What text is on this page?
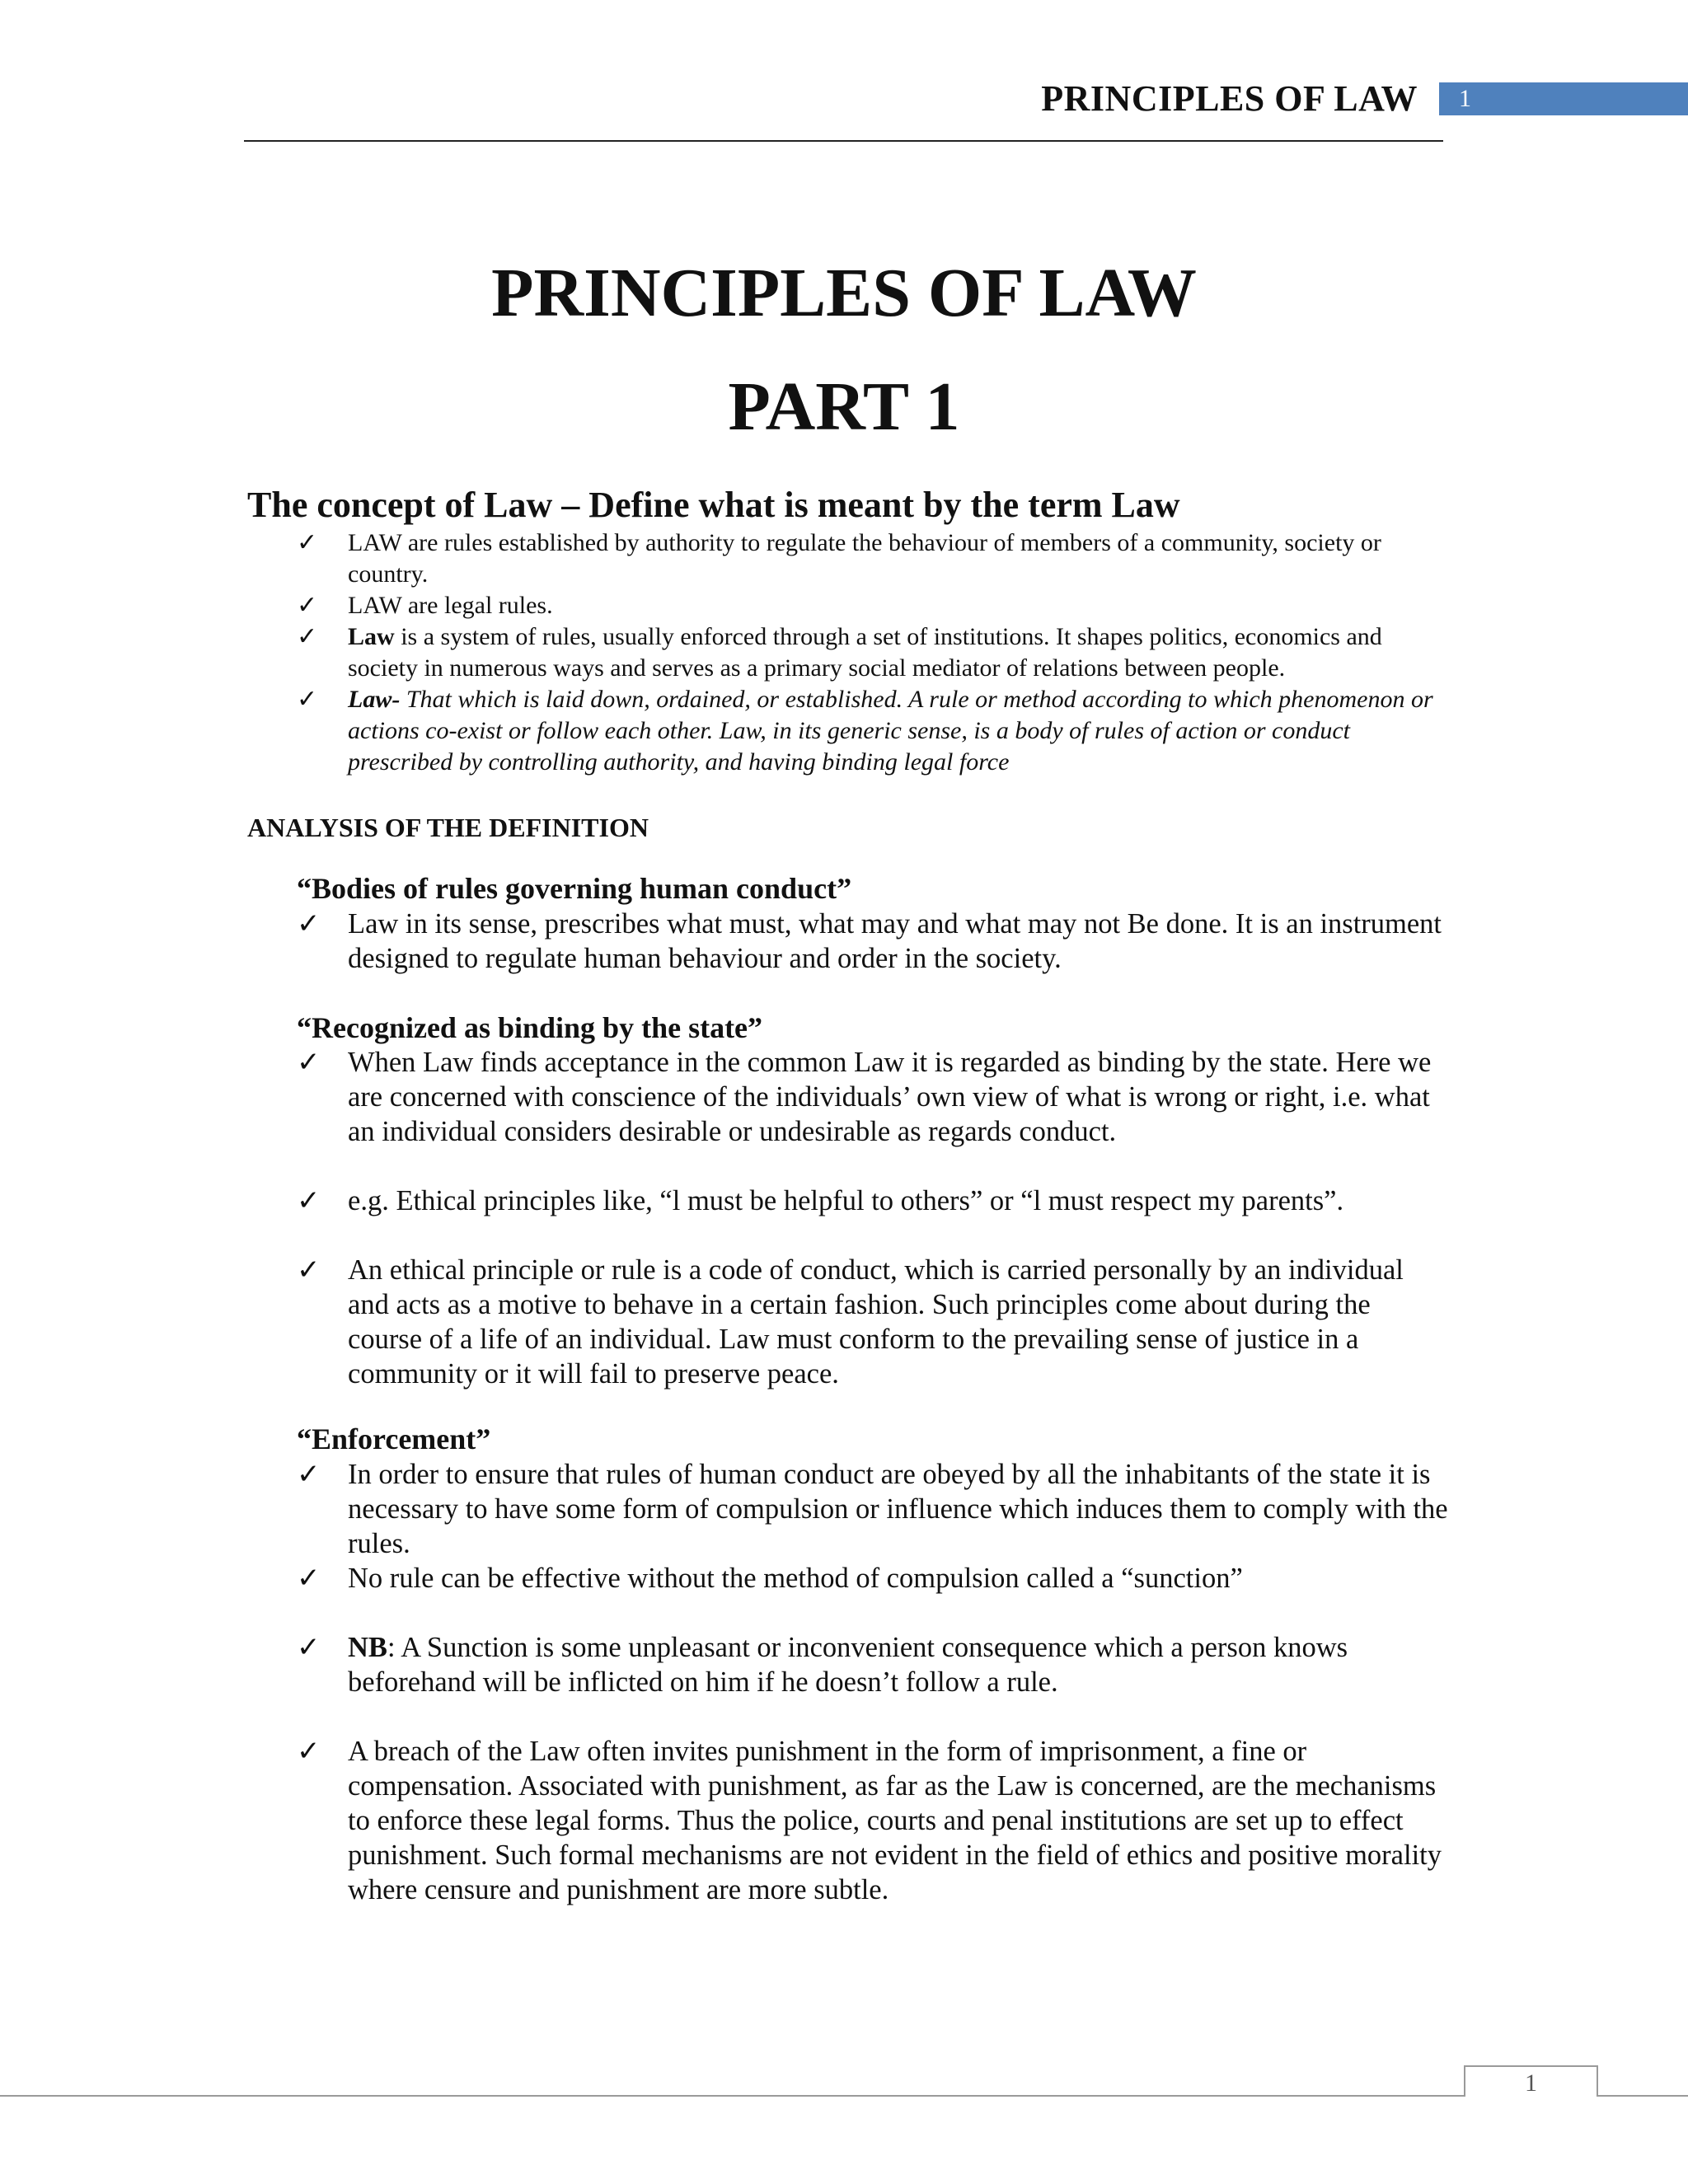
PRINCIPLES OF LAW	1
PRINCIPLES OF LAW
PART 1
The concept of Law – Define what is meant by the term Law
✓ LAW are rules established by authority to regulate the behaviour of members of a community, society or country.
✓ LAW are legal rules.
✓ Law is a system of rules, usually enforced through a set of institutions. It shapes politics, economics and society in numerous ways and serves as a primary social mediator of relations between people.
✓ Law- That which is laid down, ordained, or established. A rule or method according to which phenomenon or actions co-exist or follow each other. Law, in its generic sense, is a body of rules of action or conduct prescribed by controlling authority, and having binding legal force
ANALYSIS OF THE DEFINITION
“Bodies of rules governing human conduct”
✓ Law in its sense, prescribes what must, what may and what may not Be done. It is an instrument designed to regulate human behaviour and order in the society.
“Recognized as binding by the state”
✓ When Law finds acceptance in the common Law it is regarded as binding by the state. Here we are concerned with conscience of the individuals’ own view of what is wrong or right, i.e. what an individual considers desirable or undesirable as regards conduct.
✓ e.g. Ethical principles like, “l must be helpful to others” or “l must respect my parents”.
✓ An ethical principle or rule is a code of conduct, which is carried personally by an individual and acts as a motive to behave in a certain fashion. Such principles come about during the course of a life of an individual. Law must conform to the prevailing sense of justice in a community or it will fail to preserve peace.
“Enforcement”
✓ In order to ensure that rules of human conduct are obeyed by all the inhabitants of the state it is necessary to have some form of compulsion or influence which induces them to comply with the rules.
✓ No rule can be effective without the method of compulsion called a “sunction”
✓ NB: A Sunction is some unpleasant or inconvenient consequence which a person knows beforehand will be inflicted on him if he doesn’t follow a rule.
✓ A breach of the Law often invites punishment in the form of imprisonment, a fine or compensation. Associated with punishment, as far as the Law is concerned, are the mechanisms to enforce these legal forms. Thus the police, courts and penal institutions are set up to effect punishment. Such formal mechanisms are not evident in the field of ethics and positive morality where censure and punishment are more subtle.
1
